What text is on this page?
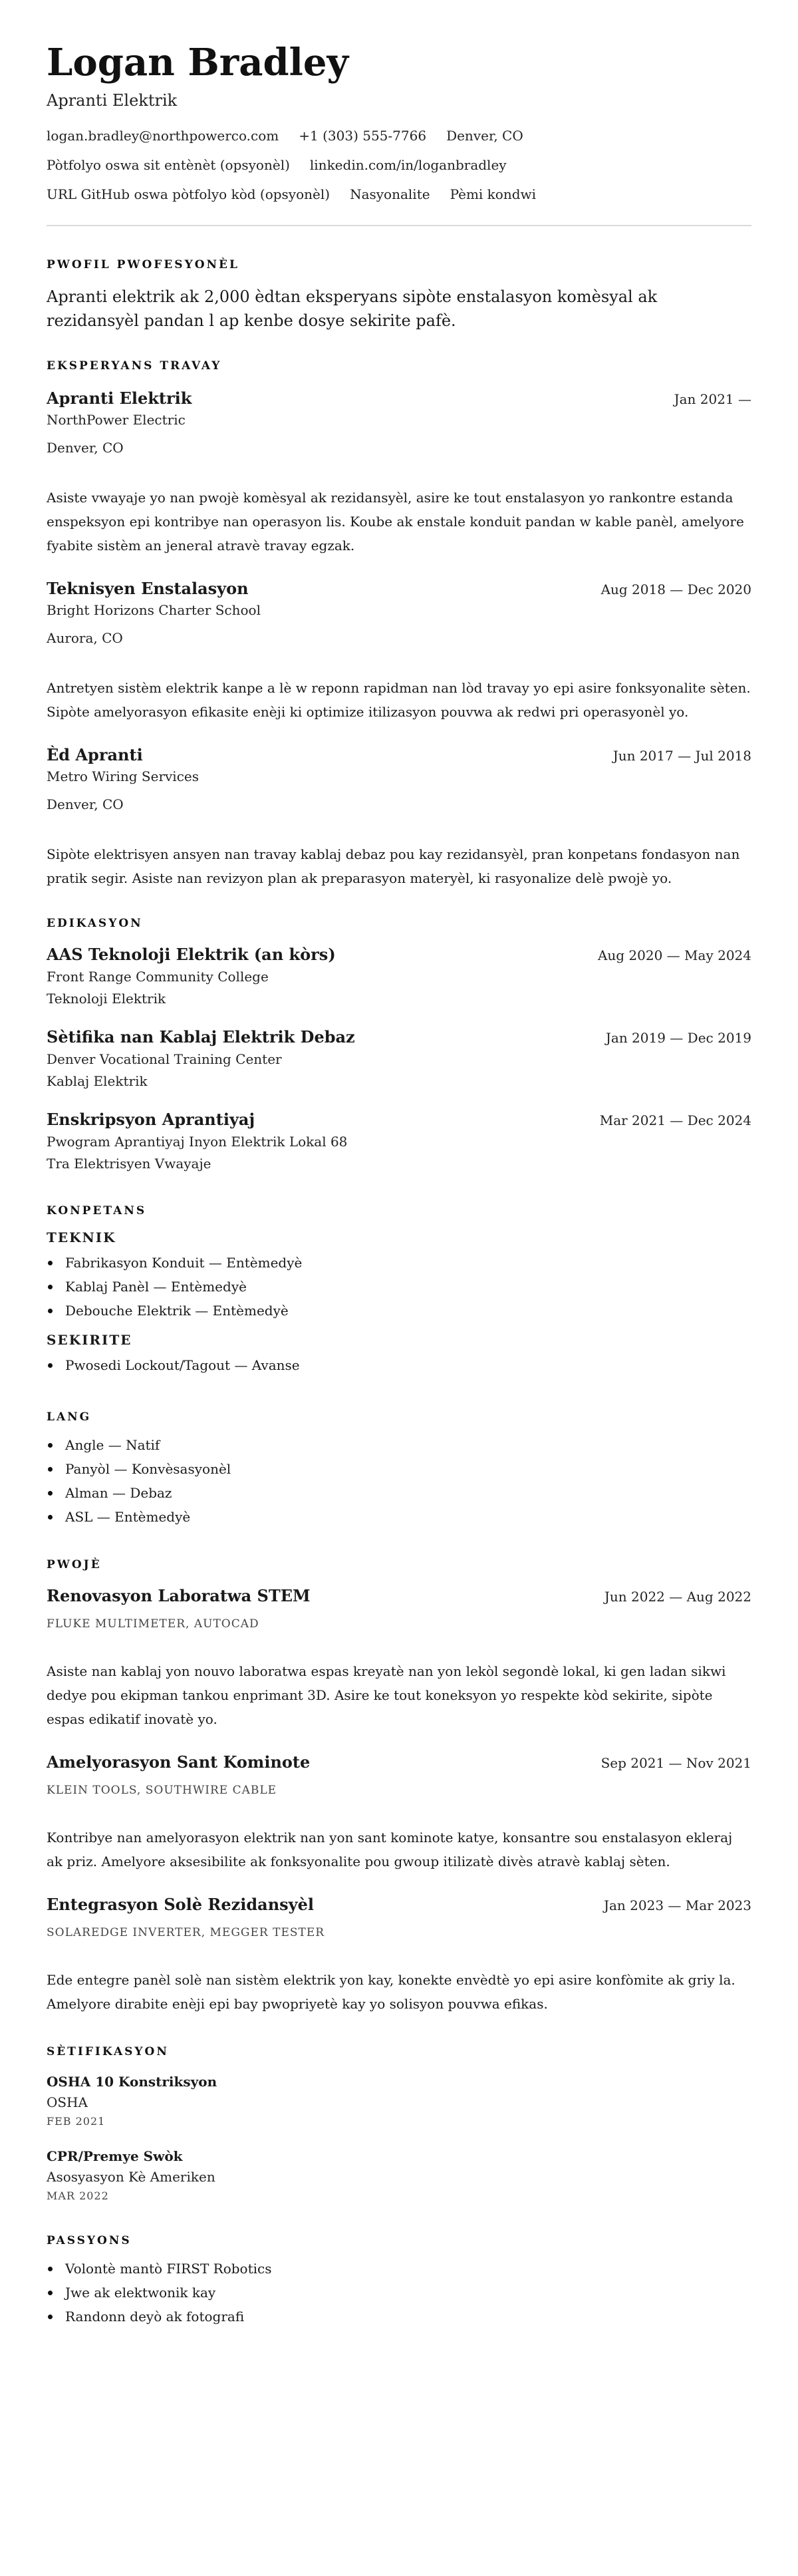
Logan Bradley
Apranti Elektrik
logan.bradley@northpowerco.com +1 (303) 555-7766 Denver, CO
Pòtfolyo oswa sit entènèt (opsyonèl) linkedin.com/in/loganbradley
URL GitHub oswa pòtfolyo kòd (opsyonèl) Nasyonalite Pèmi kondwi
PWOFIL PWOFESYONÈL

Apranti elektrik ak 2,000 èdtan eksperyans sipòte enstalasyon komèsyal ak rezidansyèl pandan l ap kenbe dosye sekirite pafè.

EKSPERYANS TRAVAY
Apranti Elektrik	Jan 2021 —
NorthPower Electric
Denver, CO

Asiste vwayaje yo nan pwojè komèsyal ak rezidansyèl, asire ke tout enstalasyon yo rankontre estanda enspeksyon epi kontribye nan operasyon lis. Koube ak enstale konduit pandan w kable panèl, amelyore fyabite sistèm an jeneral atravè travay egzak.

Teknisyen Enstalasyon	Aug 2018 — Dec 2020
Bright Horizons Charter School
Aurora, CO

Antretyen sistèm elektrik kanpe a lè w reponn rapidman nan lòd travay yo epi asire fonksyonalite sèten. Sipòte amelyorasyon efikasite enèji ki optimize itilizasyon pouvwa ak redwi pri operasyonèl yo.

Èd Apranti	Jun 2017 — Jul 2018
Metro Wiring Services
Denver, CO

Sipòte elektrisyen ansyen nan travay kablaj debaz pou kay rezidansyèl, pran konpetans fondasyon nan pratik segir. Asiste nan revizyon plan ak preparasyon materyèl, ki rasyonalize delè pwojè yo.

EDIKASYON
AAS Teknoloji Elektrik (an kòrs)	Aug 2020 — May 2024
Front Range Community College
Teknoloji Elektrik
Sètifika nan Kablaj Elektrik Debaz	Jan 2019 — Dec 2019
Denver Vocational Training Center
Kablaj Elektrik
Enskripsyon Aprantiyaj	Mar 2021 — Dec 2024
Pwogram Aprantiyaj Inyon Elektrik Lokal 68
Tra Elektrisyen Vwayaje
KONPETANS
TEKNIK
Fabrikasyon Konduit — Entèmedyè
Kablaj Panèl — Entèmedyè
Debouche Elektrik — Entèmedyè
SEKIRITE
Pwosedi Lockout/Tagout — Avanse
LANG
Angle — Natif
Panyòl — Konvèsasyonèl
Alman — Debaz
ASL — Entèmedyè
PWOJÈ
Renovasyon Laboratwa STEM	Jun 2022 — Aug 2022
FLUKE MULTIMETER, AUTOCAD

Asiste nan kablaj yon nouvo laboratwa espas kreyatè nan yon lekòl segondè lokal, ki gen ladan sikwi dedye pou ekipman tankou enprimant 3D. Asire ke tout koneksyon yo respekte kòd sekirite, sipòte espas edikatif inovatè yo.

Amelyorasyon Sant Kominote	Sep 2021 — Nov 2021
KLEIN TOOLS, SOUTHWIRE CABLE

Kontribye nan amelyorasyon elektrik nan yon sant kominote katye, konsantre sou enstalasyon ekleraj ak priz. Amelyore aksesibilite ak fonksyonalite pou gwoup itilizatè divès atravè kablaj sèten.

Entegrasyon Solè Rezidansyèl	Jan 2023 — Mar 2023
SOLAREDGE INVERTER, MEGGER TESTER

Ede entegre panèl solè nan sistèm elektrik yon kay, konekte envèdtè yo epi asire konfòmite ak griy la. Amelyore dirabite enèji epi bay pwopriyetè kay yo solisyon pouvwa efikas.

SÈTIFIKASYON
OSHA 10 Konstriksyon
OSHA
FEB 2021
CPR/Premye Swòk
Asosyasyon Kè Ameriken
MAR 2022
PASSYONS
Volontè mantò FIRST Robotics
Jwe ak elektwonik kay
Randonn deyò ak fotografi
